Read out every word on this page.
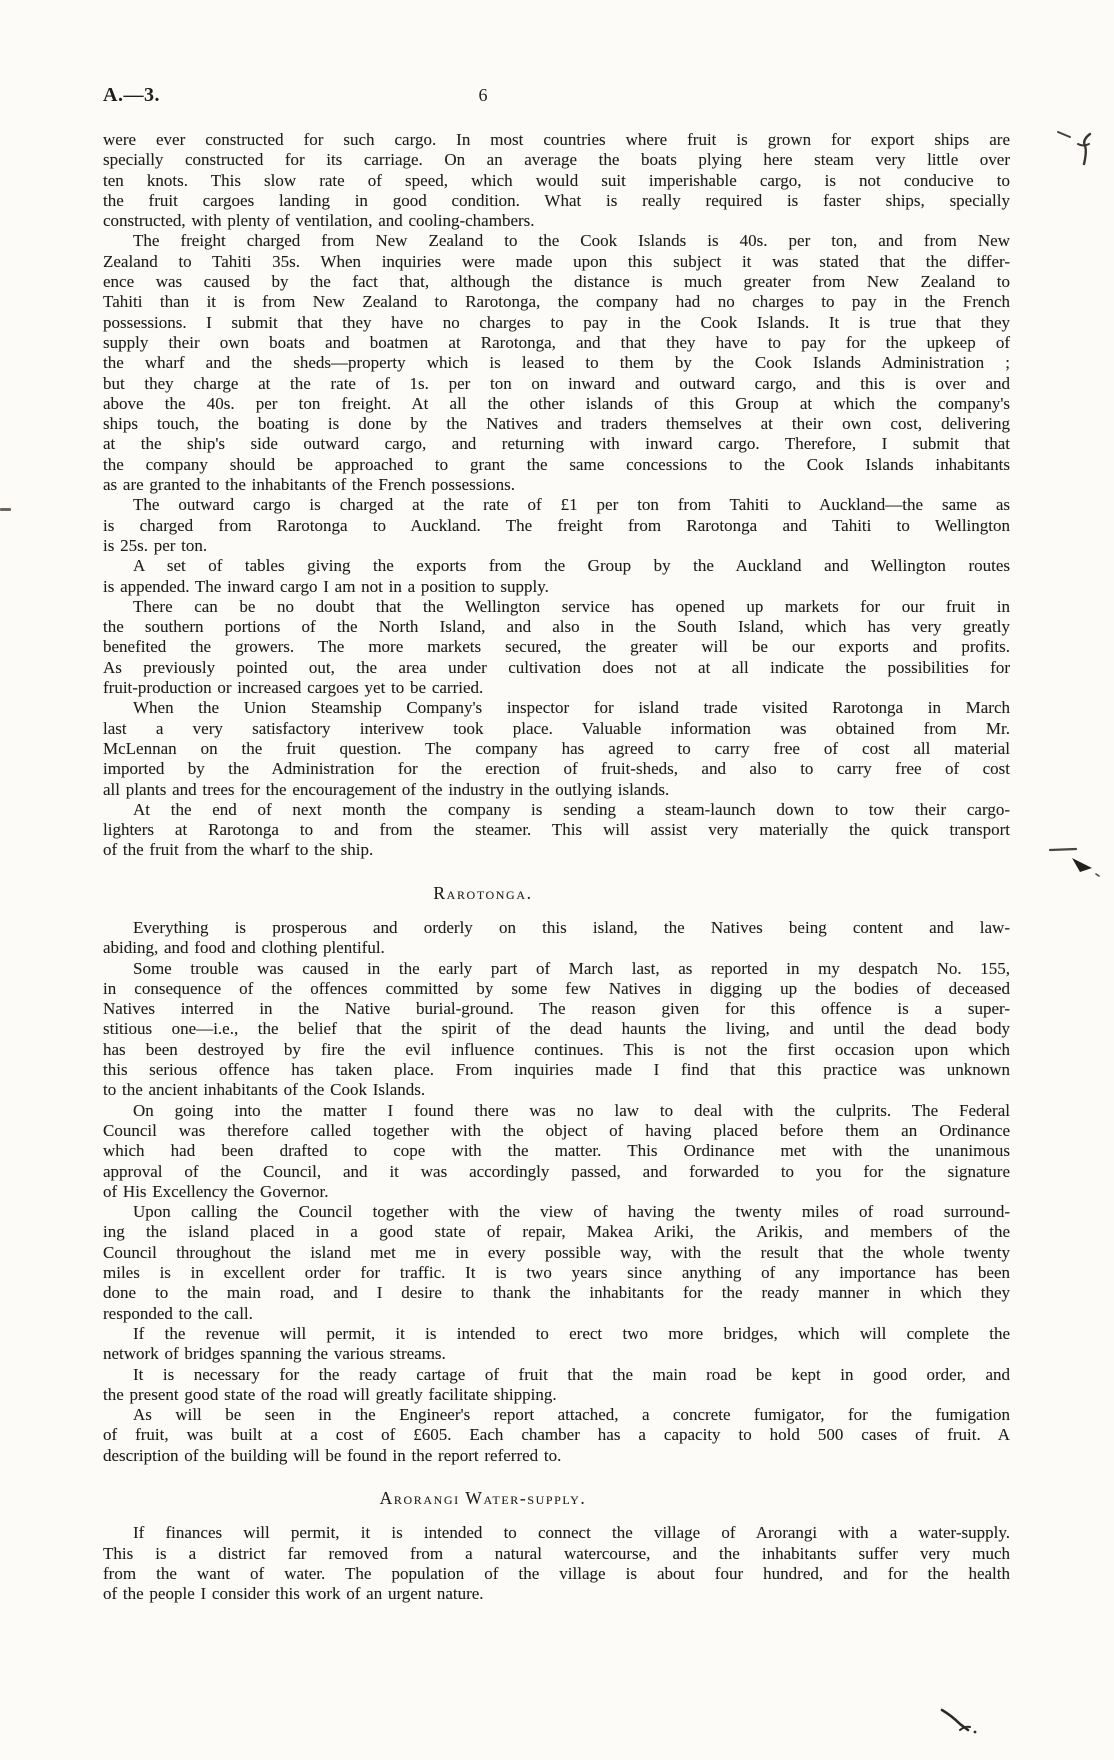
A.—3.	6
were ever constructed for such cargo. In most countries where fruit is grown for export ships are
specially constructed for its carriage. On an average the boats plying here steam very little over
ten knots. This slow rate of speed, which would suit imperishable cargo, is not conducive to
the fruit cargoes landing in good condition. What is really required is faster ships, specially
constructed, with plenty of ventilation, and cooling-chambers.
The freight charged from New Zealand to the Cook Islands is 40s. per ton, and from New
Zealand to Tahiti 35s. When inquiries were made upon this subject it was stated that the differ-
ence was caused by the fact that, although the distance is much greater from New Zealand to
Tahiti than it is from New Zealand to Rarotonga, the company had no charges to pay in the French
possessions. I submit that they have no charges to pay in the Cook Islands. It is true that they
supply their own boats and boatmen at Rarotonga, and that they have to pay for the upkeep of
the wharf and the sheds—property which is leased to them by the Cook Islands Administration ;
but they charge at the rate of 1s. per ton on inward and outward cargo, and this is over and
above the 40s. per ton freight. At all the other islands of this Group at which the company's
ships touch, the boating is done by the Natives and traders themselves at their own cost, delivering
at the ship's side outward cargo, and returning with inward cargo. Therefore, I submit that
the company should be approached to grant the same concessions to the Cook Islands inhabitants
as are granted to the inhabitants of the French possessions.
The outward cargo is charged at the rate of £1 per ton from Tahiti to Auckland—the same as
is charged from Rarotonga to Auckland. The freight from Rarotonga and Tahiti to Wellington
is 25s. per ton.
A set of tables giving the exports from the Group by the Auckland and Wellington routes
is appended. The inward cargo I am not in a position to supply.
There can be no doubt that the Wellington service has opened up markets for our fruit in
the southern portions of the North Island, and also in the South Island, which has very greatly
benefited the growers. The more markets secured, the greater will be our exports and profits.
As previously pointed out, the area under cultivation does not at all indicate the possibilities for
fruit-production or increased cargoes yet to be carried.
When the Union Steamship Company's inspector for island trade visited Rarotonga in March
last a very satisfactory interivew took place. Valuable information was obtained from Mr.
McLennan on the fruit question. The company has agreed to carry free of cost all material
imported by the Administration for the erection of fruit-sheds, and also to carry free of cost
all plants and trees for the encouragement of the industry in the outlying islands.
At the end of next month the company is sending a steam-launch down to tow their cargo-
lighters at Rarotonga to and from the steamer. This will assist very materially the quick transport
of the fruit from the wharf to the ship.
Rarotonga.
Everything is prosperous and orderly on this island, the Natives being content and law-
abiding, and food and clothing plentiful.
Some trouble was caused in the early part of March last, as reported in my despatch No. 155,
in consequence of the offences committed by some few Natives in digging up the bodies of deceased
Natives interred in the Native burial-ground. The reason given for this offence is a super-
stitious one—i.e., the belief that the spirit of the dead haunts the living, and until the dead body
has been destroyed by fire the evil influence continues. This is not the first occasion upon which
this serious offence has taken place. From inquiries made I find that this practice was unknown
to the ancient inhabitants of the Cook Islands.
On going into the matter I found there was no law to deal with the culprits. The Federal
Council was therefore called together with the object of having placed before them an Ordinance
which had been drafted to cope with the matter. This Ordinance met with the unanimous
approval of the Council, and it was accordingly passed, and forwarded to you for the signature
of His Excellency the Governor.
Upon calling the Council together with the view of having the twenty miles of road surround-
ing the island placed in a good state of repair, Makea Ariki, the Arikis, and members of the
Council throughout the island met me in every possible way, with the result that the whole twenty
miles is in excellent order for traffic. It is two years since anything of any importance has been
done to the main road, and I desire to thank the inhabitants for the ready manner in which they
responded to the call.
If the revenue will permit, it is intended to erect two more bridges, which will complete the
network of bridges spanning the various streams.
It is necessary for the ready cartage of fruit that the main road be kept in good order, and
the present good state of the road will greatly facilitate shipping.
As will be seen in the Engineer's report attached, a concrete fumigator, for the fumigation
of fruit, was built at a cost of £605. Each chamber has a capacity to hold 500 cases of fruit. A
description of the building will be found in the report referred to.
Arorangi Water-supply.
If finances will permit, it is intended to connect the village of Arorangi with a water-supply.
This is a district far removed from a natural watercourse, and the inhabitants suffer very much
from the want of water. The population of the village is about four hundred, and for the health
of the people I consider this work of an urgent nature.
